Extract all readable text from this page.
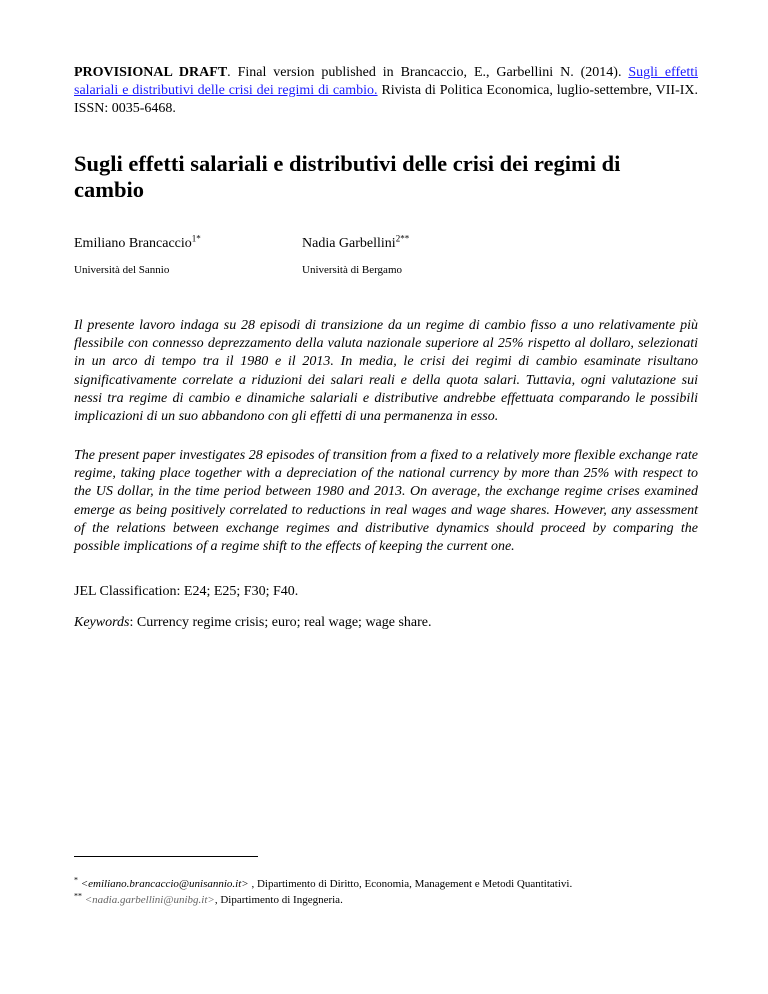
PROVISIONAL DRAFT. Final version published in Brancaccio, E., Garbellini N. (2014). Sugli effetti salariali e distributivi delle crisi dei regimi di cambio. Rivista di Politica Economica, luglio-settembre, VII-IX. ISSN: 0035-6468.

Sugli effetti salariali e distributivi delle crisi dei regimi di cambio
Emiliano Brancaccio$^{1*}$	Nadia Garbellini$^{2**}$
Università del Sannio	Università di Bergamo

Il presente lavoro indaga su 28 episodi di transizione da un regime di cambio fisso a uno relativamente più flessibile con connesso deprezzamento della valuta nazionale superiore al 25% rispetto al dollaro, selezionati in un arco di tempo tra il 1980 e il 2013. In media, le crisi dei regimi di cambio esaminate risultano significativamente correlate a riduzioni dei salari reali e della quota salari. Tuttavia, ogni valutazione sui nessi tra regime di cambio e dinamiche salariali e distributive andrebbe effettuata comparando le possibili implicazioni di un suo abbandono con gli effetti di una permanenza in esso.

The present paper investigates 28 episodes of transition from a fixed to a relatively more flexible exchange rate regime, taking place together with a depreciation of the national currency by more than 25% with respect to the US dollar, in the time period between 1980 and 2013. On average, the exchange regime crises examined emerge as being positively correlated to reductions in real wages and wage shares. However, any assessment of the relations between exchange regimes and distributive dynamics should proceed by comparing the possible implications of a regime shift to the effects of keeping the current one.

JEL Classification: E24; E25; F30; F40.

Keywords: Currency regime crisis; euro; real wage; wage share.

* <emiliano.brancaccio@unisannio.it> , Dipartimento di Diritto, Economia, Management e Metodi Quantitativi.
** <nadia.garbellini@unibg.it>, Dipartimento di Ingegneria.
